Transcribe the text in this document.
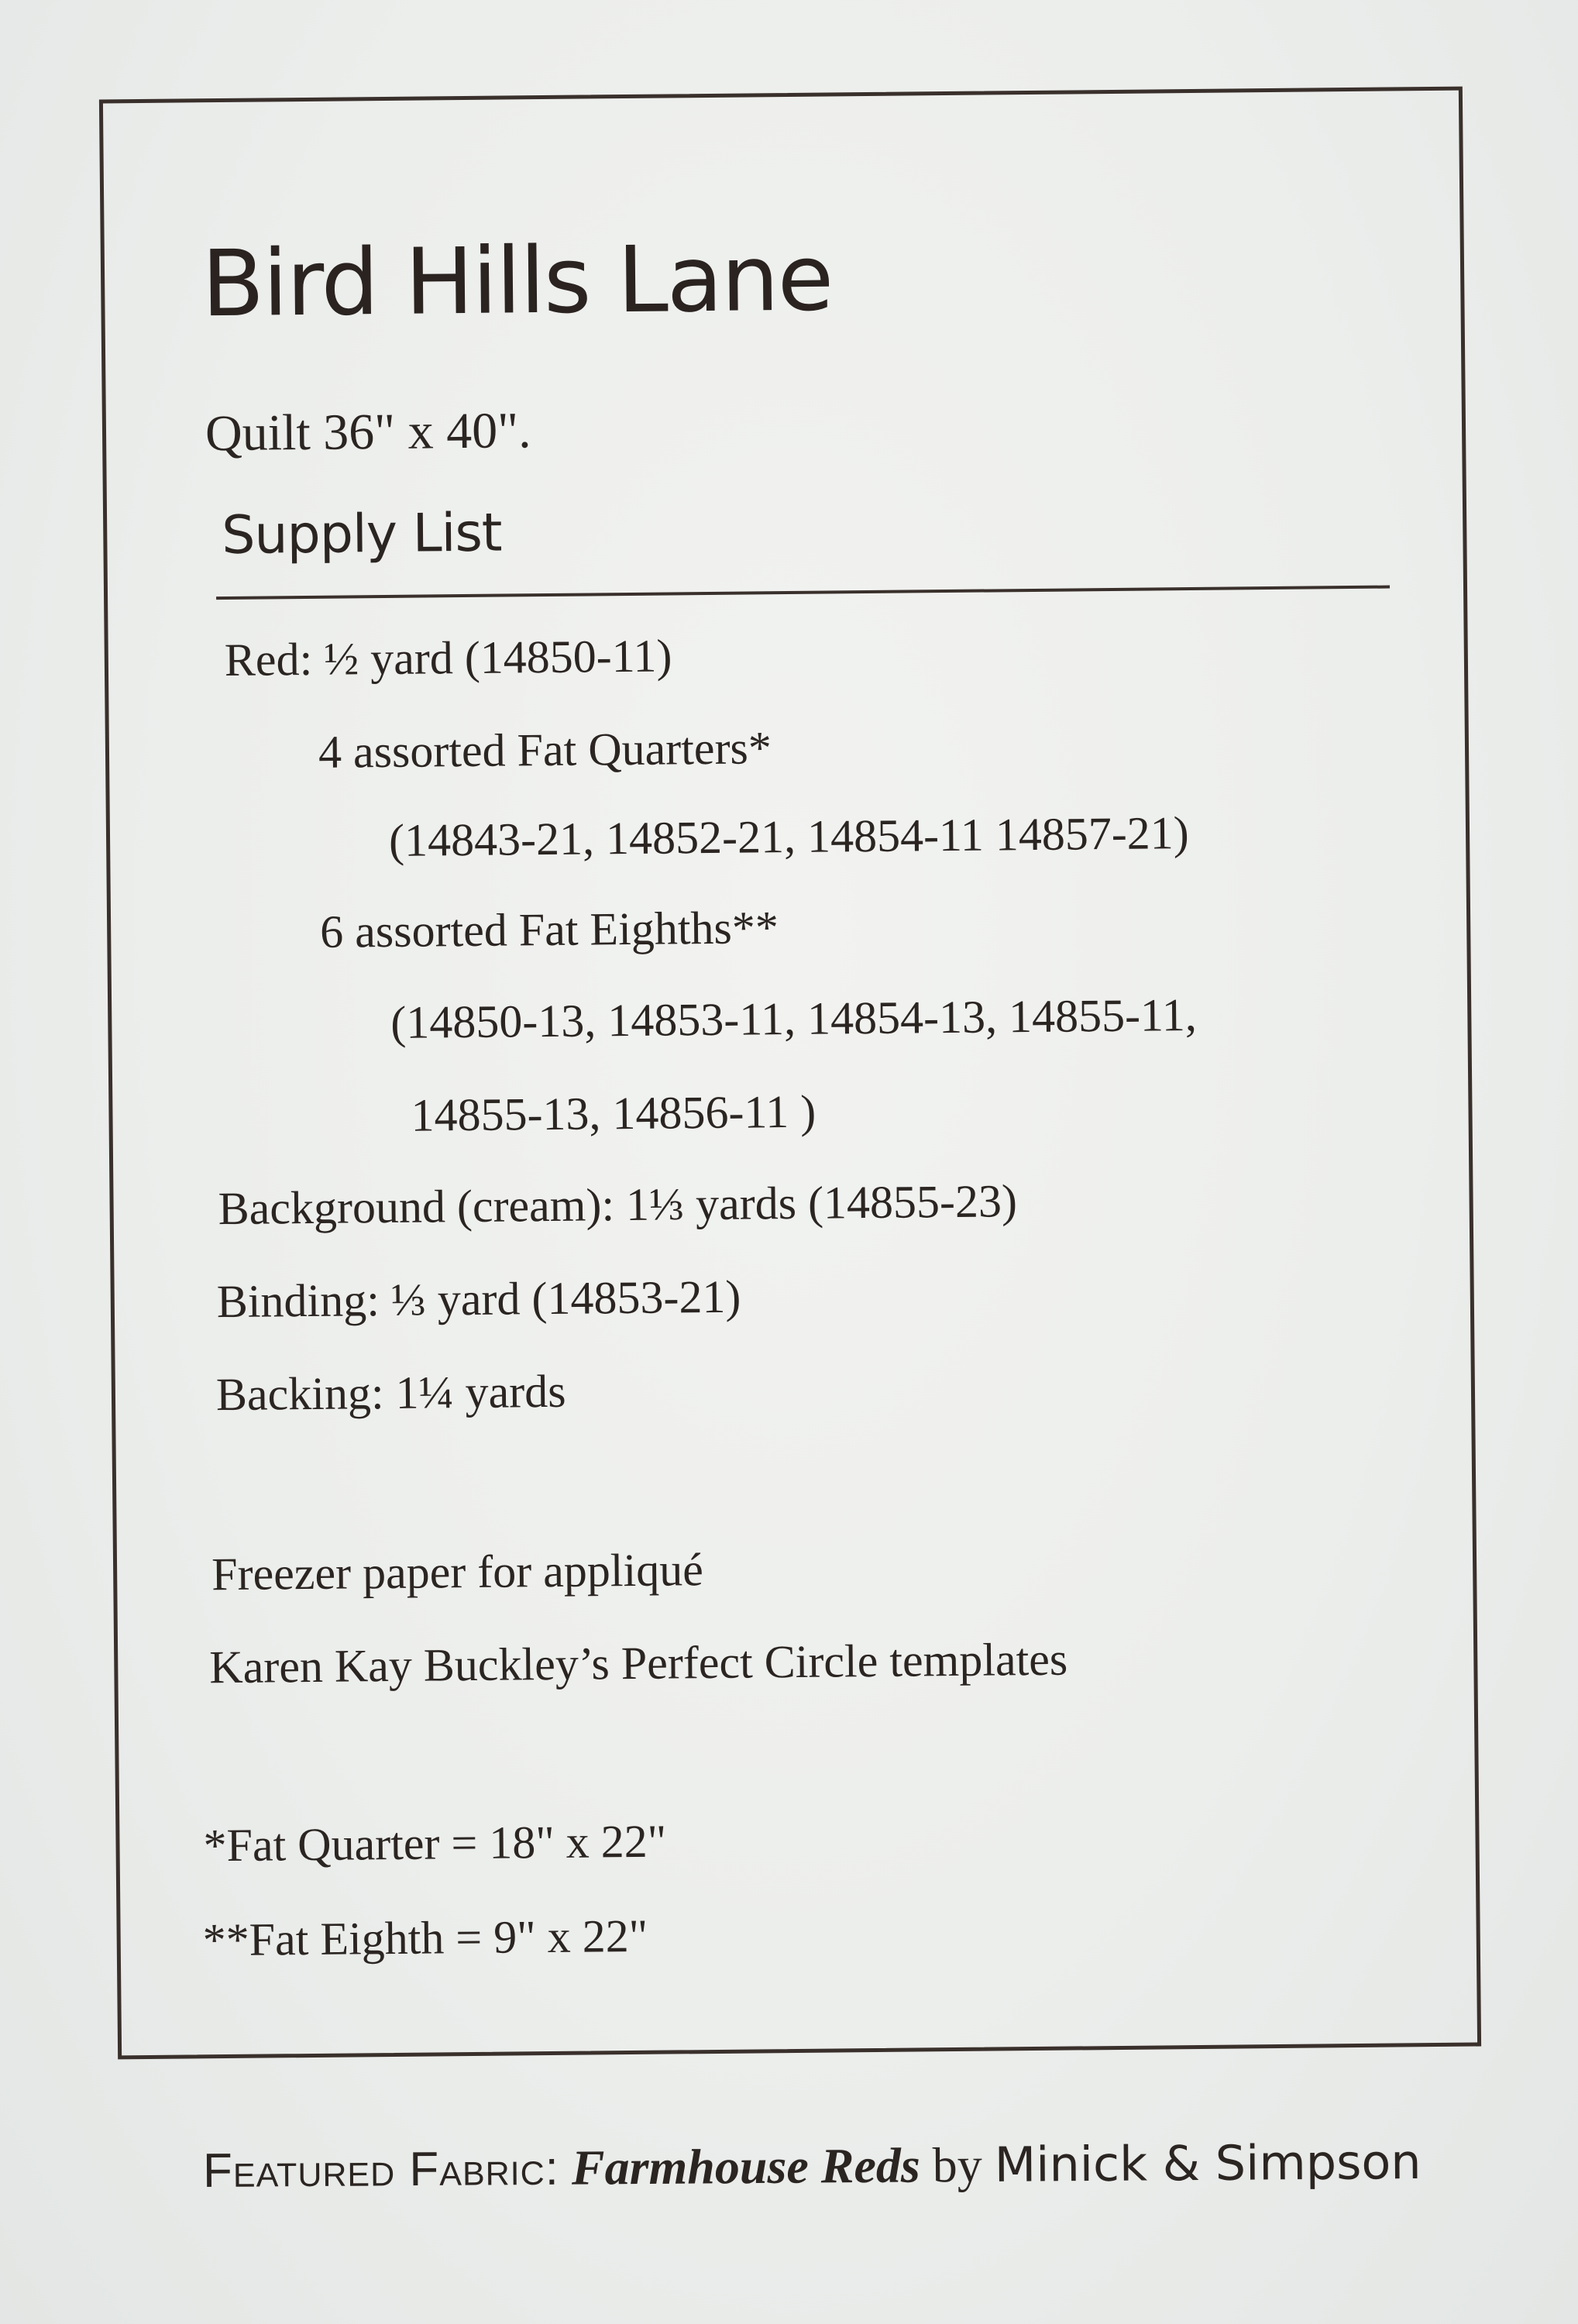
Bird Hills Lane
Quilt 36" x 40".
Supply List
Red: ½ yard (14850-11)
4 assorted Fat Quarters*
(14843-21, 14852-21, 14854-11 14857-21)
6 assorted Fat Eighths**
(14850-13, 14853-11, 14854-13, 14855-11,
14855-13, 14856-11 )
Background (cream): 1⅓ yards (14855-23)
Binding: ⅓ yard (14853-21)
Backing: 1¼ yards
Freezer paper for appliqué
Karen Kay Buckley’s Perfect Circle templates
*Fat Quarter = 18" x 22"
**Fat Eighth = 9" x 22"
Featured Fabric: Farmhouse Reds by Minick & Simpson
